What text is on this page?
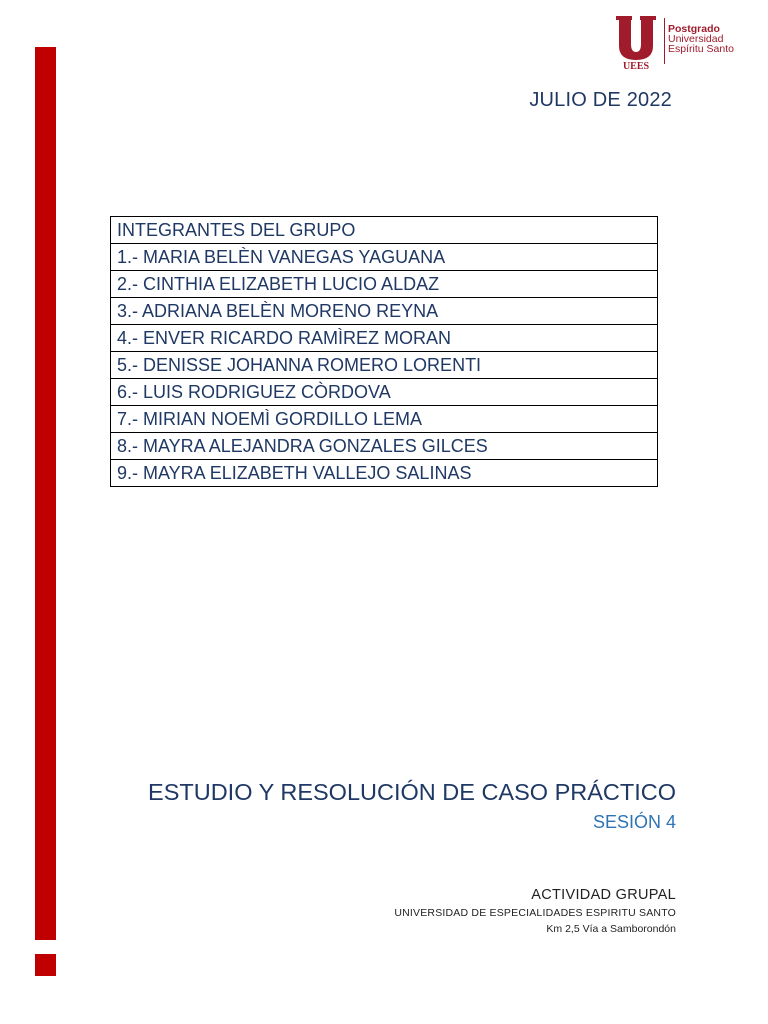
UEES
Postgrado
Universidad
Espíritu Santo
JULIO DE 2022
INTEGRANTES DEL GRUPO
1.- MARIA BELÈN VANEGAS YAGUANA
2.- CINTHIA ELIZABETH LUCIO ALDAZ
3.- ADRIANA BELÈN MORENO REYNA
4.- ENVER RICARDO RAMÌREZ MORAN
5.- DENISSE JOHANNA ROMERO LORENTI
6.- LUIS RODRIGUEZ CÒRDOVA
7.- MIRIAN NOEMÌ GORDILLO LEMA
8.- MAYRA ALEJANDRA GONZALES GILCES
9.- MAYRA ELIZABETH VALLEJO SALINAS
ESTUDIO Y RESOLUCIÓN DE CASO PRÁCTICO
SESIÓN 4
ACTIVIDAD GRUPAL
UNIVERSIDAD DE ESPECIALIDADES ESPIRITU SANTO
Km 2,5 Vía a Samborondón
